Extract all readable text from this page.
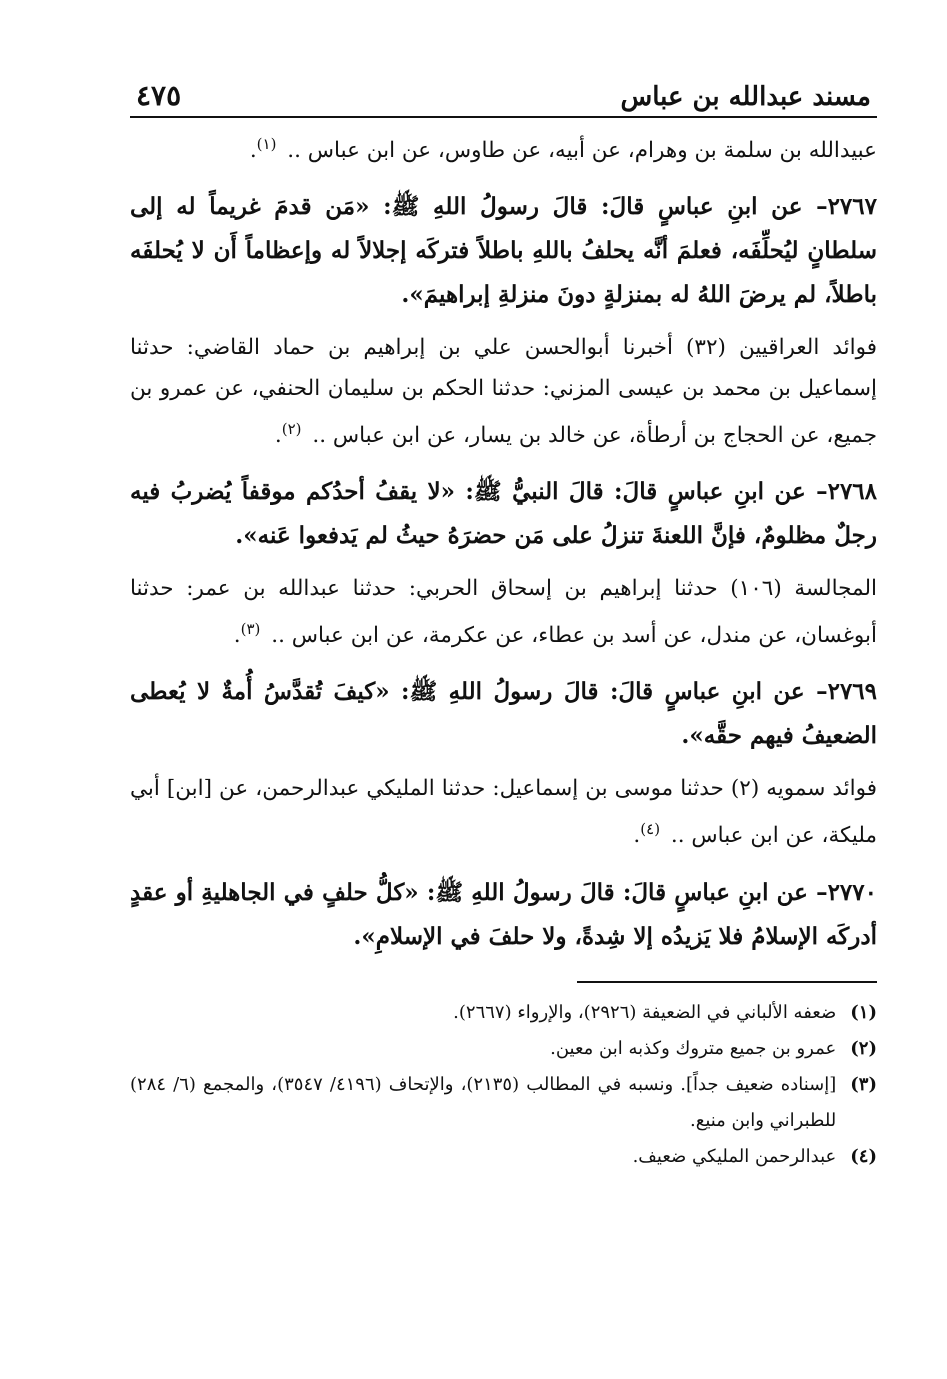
مسند عبدالله بن عباس
٤٧٥
عبيدالله بن سلمة بن وهرام، عن أبيه، عن طاوس، عن ابن عباس .. $^{(١)}$.
٢٧٦٧– عن ابنِ عباسٍ قالَ: قالَ رسولُ اللهِ ﷺ: «مَن قدمَ غريماً له إلى سلطانٍ ليُحلِّفَه، فعلمَ أنَّه يحلفُ باللهِ باطلاً فتركَه إجلالاً له وإعظاماً أَن لا يُحلفَه باطلاً، لم يرضَ اللهُ له بمنزلةٍ دونَ منزلةِ إبراهيمَ».
فوائد العراقيين (٣٢) أخبرنا أبوالحسن علي بن إبراهيم بن حماد القاضي: حدثنا إسماعيل بن محمد بن عيسى المزني: حدثنا الحكم بن سليمان الحنفي، عن عمرو بن جميع، عن الحجاج بن أرطأة، عن خالد بن يسار، عن ابن عباس .. $^{(٢)}$.
٢٧٦٨– عن ابنِ عباسٍ قالَ: قالَ النبيُّ ﷺ: «لا يقفُ أحدُكم موقفاً يُضربُ فيه رجلٌ مظلومٌ، فإنَّ اللعنةَ تنزلُ على مَن حضرَهُ حيثُ لم يَدفعوا عَنه».
المجالسة (١٠٦) حدثنا إبراهيم بن إسحاق الحربي: حدثنا عبدالله بن عمر: حدثنا أبوغسان، عن مندل، عن أسد بن عطاء، عن عكرمة، عن ابن عباس .. $^{(٣)}$.
٢٧٦٩– عن ابنِ عباسٍ قالَ: قالَ رسولُ اللهِ ﷺ: «كيفَ تُقدَّسُ أُمةٌ لا يُعطى الضعيفُ فيهم حقَّه».
فوائد سمويه (٢) حدثنا موسى بن إسماعيل: حدثنا المليكي عبدالرحمن، عن [ابن] أبي مليكة، عن ابن عباس .. $^{(٤)}$.
٢٧٧٠– عن ابنِ عباسٍ قالَ: قالَ رسولُ اللهِ ﷺ: «كلُّ حلفٍ في الجاهليةِ أو عقدٍ أدركَه الإسلامُ فلا يَزيدُه إلا شِدةً، ولا حلفَ في الإسلامِ».
(١)
ضعفه الألباني في الضعيفة (٢٩٢٦)، والإرواء (٢٦٦٧).
(٢)
عمرو بن جميع متروك وكذبه ابن معين.
(٣)
[إسناده ضعيف جداً]. ونسبه في المطالب (٢١٣٥)، والإتحاف (٤١٩٦/ ٣٥٤٧)، والمجمع (٦/ ٢٨٤) للطبراني وابن منيع.
(٤)
عبدالرحمن المليكي ضعيف.
